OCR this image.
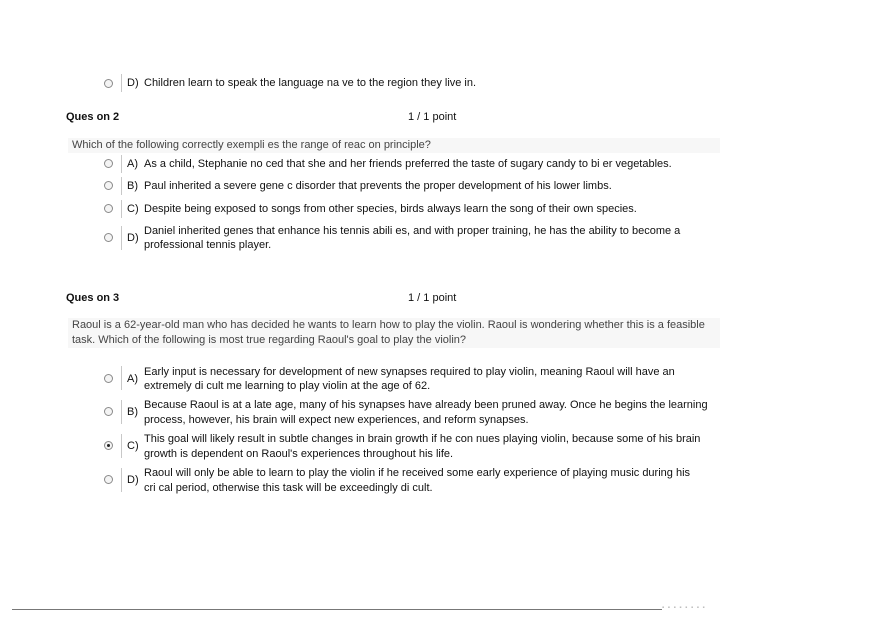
D) Children learn to speak the language na ve to the region they live in.
Ques on 2	1 / 1 point
Which of the following correctly exempli es the range of reac on principle?
A) As a child, Stephanie no ced that she and her friends preferred the taste of sugary candy to bi er vegetables.
B) Paul inherited a severe gene c disorder that prevents the proper development of his lower limbs.
C) Despite being exposed to songs from other species, birds always learn the song of their own species.
D)
Daniel inherited genes that enhance his tennis abili es, and with proper training, he has the ability to become a
professional tennis player.
Ques on 3	1 / 1 point
Raoul is a 62-year-old man who has decided he wants to learn how to play the violin. Raoul is wondering whether this is a feasible
task. Which of the following is most true regarding Raoul's goal to play the violin?
A)
Early input is necessary for development of new synapses required to play violin, meaning Raoul will have an
extremely di cult me learning to play violin at the age of 62.
B)
Because Raoul is at a late age, many of his synapses have already been pruned away. Once he begins the learning
process, however, his brain will expect new experiences, and reform synapses.
C)
This goal will likely result in subtle changes in brain growth if he con nues playing violin, because some of his brain
growth is dependent on Raoul's experiences throughout his life.
D)
Raoul will only be able to learn to play the violin if he received some early experience of playing music during his
cri cal period, otherwise this task will be exceedingly di cult.
▪ ▪ ▪ ▪ ▪ ▪ ▪ ▪
